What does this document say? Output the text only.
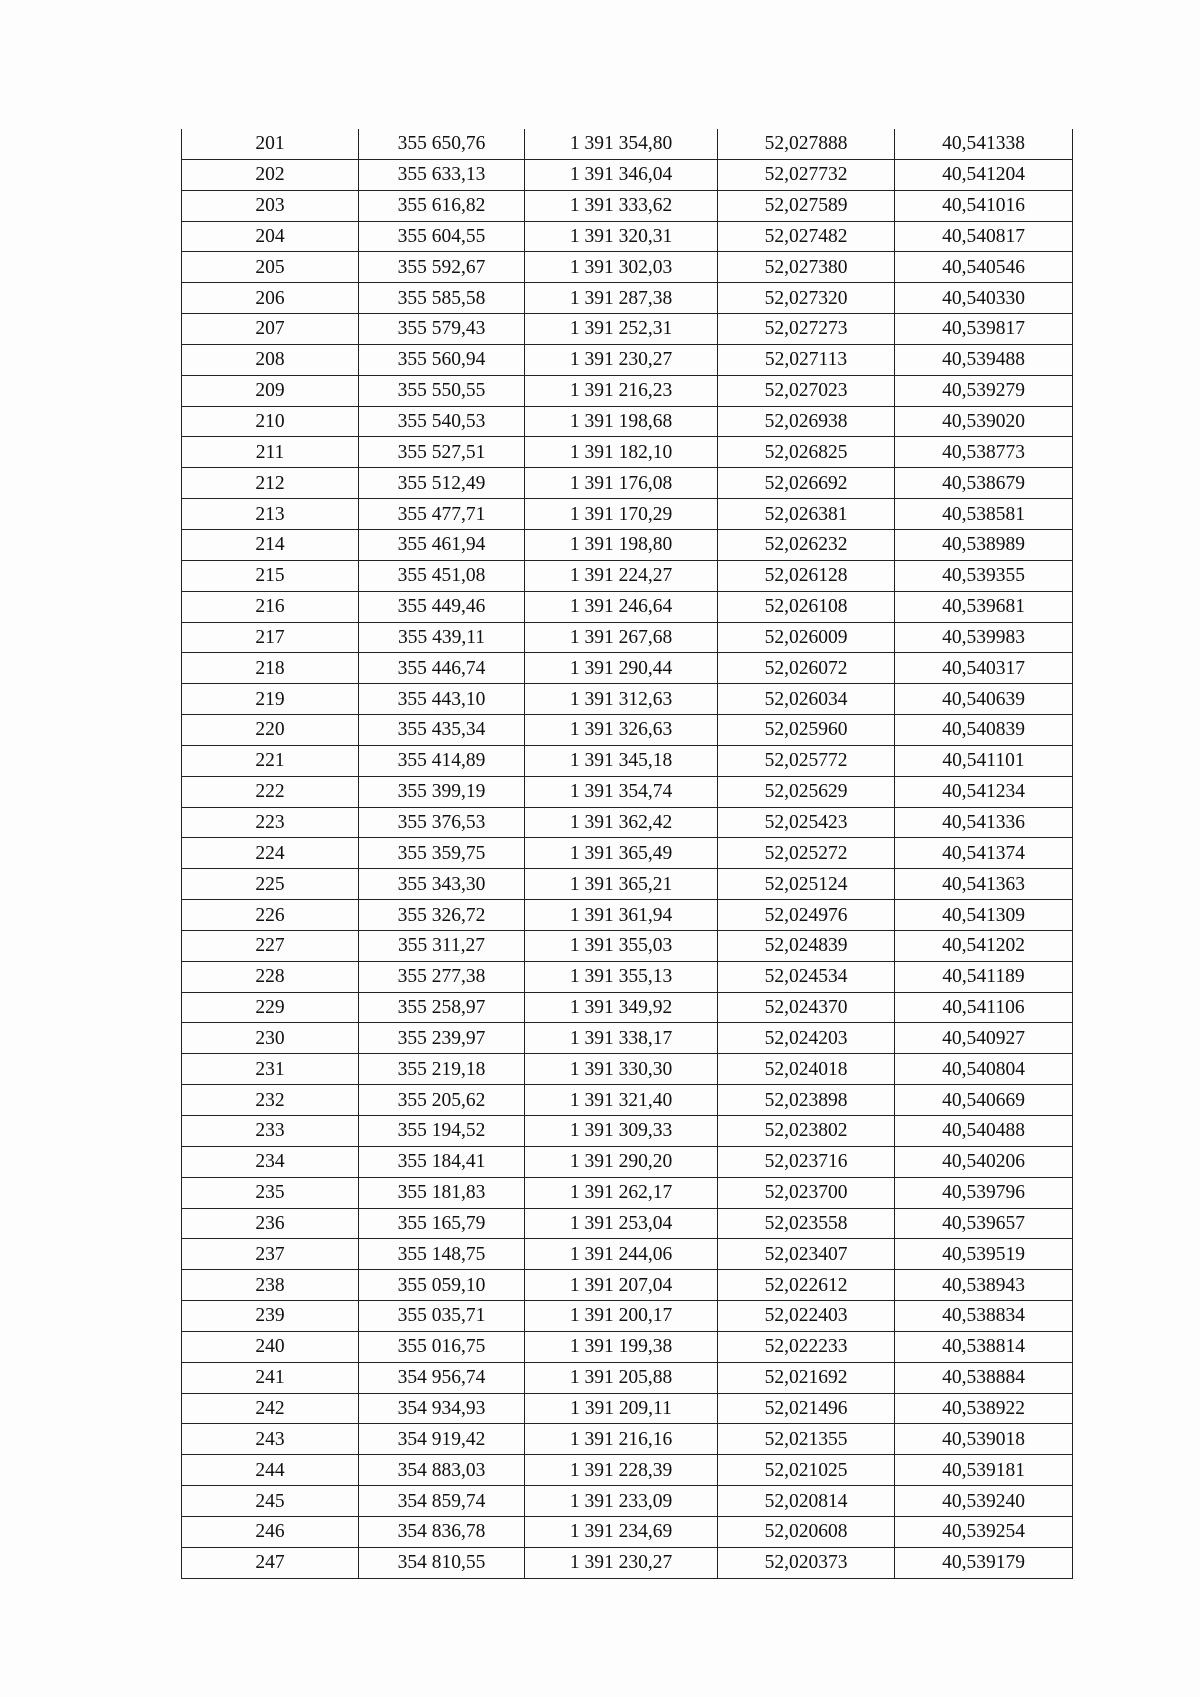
201	355 650,76	1 391 354,80	52,027888	40,541338
202	355 633,13	1 391 346,04	52,027732	40,541204
203	355 616,82	1 391 333,62	52,027589	40,541016
204	355 604,55	1 391 320,31	52,027482	40,540817
205	355 592,67	1 391 302,03	52,027380	40,540546
206	355 585,58	1 391 287,38	52,027320	40,540330
207	355 579,43	1 391 252,31	52,027273	40,539817
208	355 560,94	1 391 230,27	52,027113	40,539488
209	355 550,55	1 391 216,23	52,027023	40,539279
210	355 540,53	1 391 198,68	52,026938	40,539020
211	355 527,51	1 391 182,10	52,026825	40,538773
212	355 512,49	1 391 176,08	52,026692	40,538679
213	355 477,71	1 391 170,29	52,026381	40,538581
214	355 461,94	1 391 198,80	52,026232	40,538989
215	355 451,08	1 391 224,27	52,026128	40,539355
216	355 449,46	1 391 246,64	52,026108	40,539681
217	355 439,11	1 391 267,68	52,026009	40,539983
218	355 446,74	1 391 290,44	52,026072	40,540317
219	355 443,10	1 391 312,63	52,026034	40,540639
220	355 435,34	1 391 326,63	52,025960	40,540839
221	355 414,89	1 391 345,18	52,025772	40,541101
222	355 399,19	1 391 354,74	52,025629	40,541234
223	355 376,53	1 391 362,42	52,025423	40,541336
224	355 359,75	1 391 365,49	52,025272	40,541374
225	355 343,30	1 391 365,21	52,025124	40,541363
226	355 326,72	1 391 361,94	52,024976	40,541309
227	355 311,27	1 391 355,03	52,024839	40,541202
228	355 277,38	1 391 355,13	52,024534	40,541189
229	355 258,97	1 391 349,92	52,024370	40,541106
230	355 239,97	1 391 338,17	52,024203	40,540927
231	355 219,18	1 391 330,30	52,024018	40,540804
232	355 205,62	1 391 321,40	52,023898	40,540669
233	355 194,52	1 391 309,33	52,023802	40,540488
234	355 184,41	1 391 290,20	52,023716	40,540206
235	355 181,83	1 391 262,17	52,023700	40,539796
236	355 165,79	1 391 253,04	52,023558	40,539657
237	355 148,75	1 391 244,06	52,023407	40,539519
238	355 059,10	1 391 207,04	52,022612	40,538943
239	355 035,71	1 391 200,17	52,022403	40,538834
240	355 016,75	1 391 199,38	52,022233	40,538814
241	354 956,74	1 391 205,88	52,021692	40,538884
242	354 934,93	1 391 209,11	52,021496	40,538922
243	354 919,42	1 391 216,16	52,021355	40,539018
244	354 883,03	1 391 228,39	52,021025	40,539181
245	354 859,74	1 391 233,09	52,020814	40,539240
246	354 836,78	1 391 234,69	52,020608	40,539254
247	354 810,55	1 391 230,27	52,020373	40,539179
